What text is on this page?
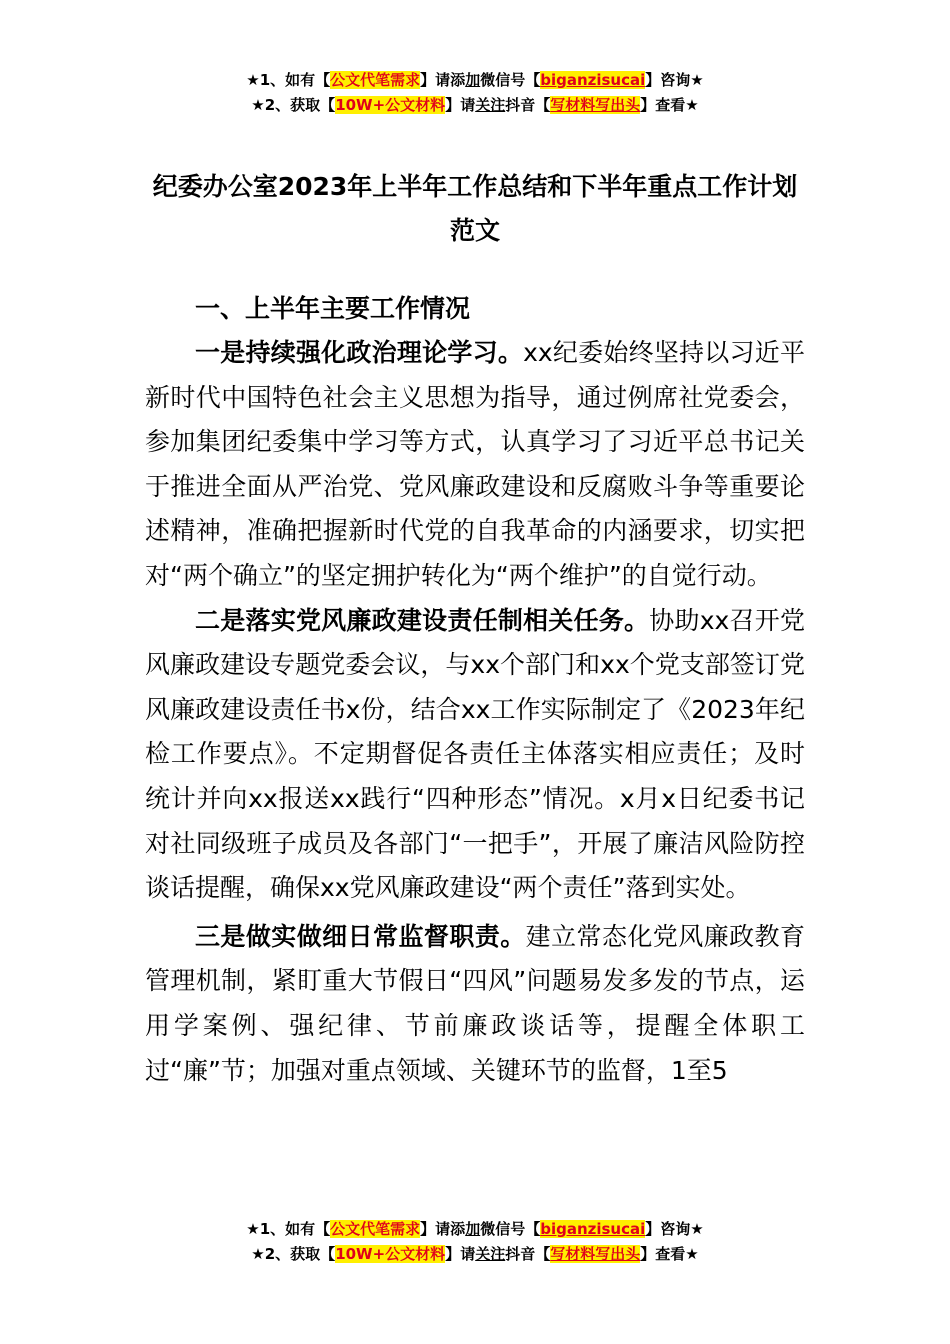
★1、如有【公文代笔需求】请添加微信号【biganzisucai】咨询★
★2、获取【10W+公文材料】请关注抖音【写材料写出头】查看★
纪委办公室2023年上半年工作总结和下半年重点工作计划范文
一、上半年主要工作情况

一是持续强化政治理论学习。xx纪委始终坚持以习近平新时代中国特色社会主义思想为指导，通过例席社党委会，参加集团纪委集中学习等方式，认真学习了习近平总书记关于推进全面从严治党、党风廉政建设和反腐败斗争等重要论述精神，准确把握新时代党的自我革命的内涵要求，切实把对“两个确立”的坚定拥护转化为“两个维护”的自觉行动。

二是落实党风廉政建设责任制相关任务。协助xx召开党风廉政建设专题党委会议，与xx个部门和xx个党支部签订党风廉政建设责任书x份，结合xx工作实际制定了《2023年纪检工作要点》。不定期督促各责任主体落实相应责任；及时统计并向xx报送xx践行“四种形态”情况。x月x日纪委书记对社同级班子成员及各部门“一把手”，开展了廉洁风险防控谈话提醒，确保xx党风廉政建设“两个责任”落到实处。

三是做实做细日常监督职责。建立常态化党风廉政教育管理机制，紧盯重大节假日“四风”问题易发多发的节点，运用学案例、强纪律、节前廉政谈话等，提醒全体职工过“廉”节；加强对重点领域、关键环节的监督，1至5

★1、如有【公文代笔需求】请添加微信号【biganzisucai】咨询★
★2、获取【10W+公文材料】请关注抖音【写材料写出头】查看★
